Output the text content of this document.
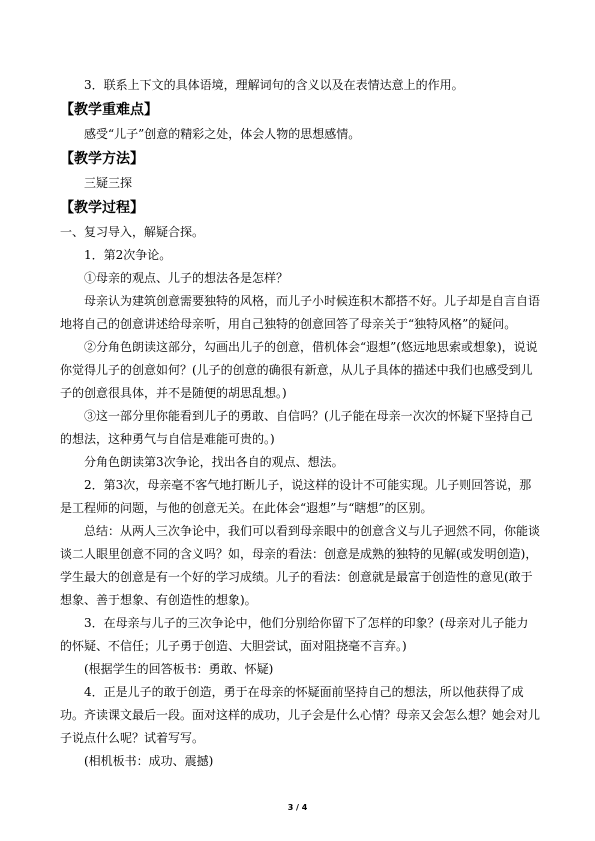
3．联系上下文的具体语境，理解词句的含义以及在表情达意上的作用。

【教学重难点】

感受“儿子”创意的精彩之处，体会人物的思想感情。

【教学方法】

三疑三探

【教学过程】

一、复习导入，解疑合探。

1．第2次争论。

①母亲的观点、儿子的想法各是怎样？

母亲认为建筑创意需要独特的风格，而儿子小时候连积木都搭不好。儿子却是自言自语地将自己的创意讲述给母亲听，用自己独特的创意回答了母亲关于“独特风格”的疑问。

②分角色朗读这部分，勾画出儿子的创意，借机体会“遐想”(悠远地思索或想象)，说说你觉得儿子的创意如何？(儿子的创意的确很有新意，从儿子具体的描述中我们也感受到儿子的创意很具体，并不是随便的胡思乱想。)

③这一部分里你能看到儿子的勇敢、自信吗？(儿子能在母亲一次次的怀疑下坚持自己的想法，这种勇气与自信是难能可贵的。)

分角色朗读第3次争论，找出各自的观点、想法。

2．第3次，母亲毫不客气地打断儿子，说这样的设计不可能实现。儿子则回答说，那是工程师的问题，与他的创意无关。在此体会“遐想”与“瞎想”的区别。

总结：从两人三次争论中，我们可以看到母亲眼中的创意含义与儿子迥然不同，你能谈谈二人眼里创意不同的含义吗？如，母亲的看法：创意是成熟的独特的见解(或发明创造)，学生最大的创意是有一个好的学习成绩。儿子的看法：创意就是最富于创造性的意见(敢于想象、善于想象、有创造性的想象)。

3．在母亲与儿子的三次争论中，他们分别给你留下了怎样的印象？(母亲对儿子能力的怀疑、不信任；儿子勇于创造、大胆尝试，面对阻挠毫不言弃。)

(根据学生的回答板书：勇敢、怀疑)

4．正是儿子的敢于创造，勇于在母亲的怀疑面前坚持自己的想法，所以他获得了成功。齐读课文最后一段。面对这样的成功，儿子会是什么心情？母亲又会怎么想？她会对儿子说点什么呢？试着写写。

(相机板书：成功、震撼)

3 / 4
